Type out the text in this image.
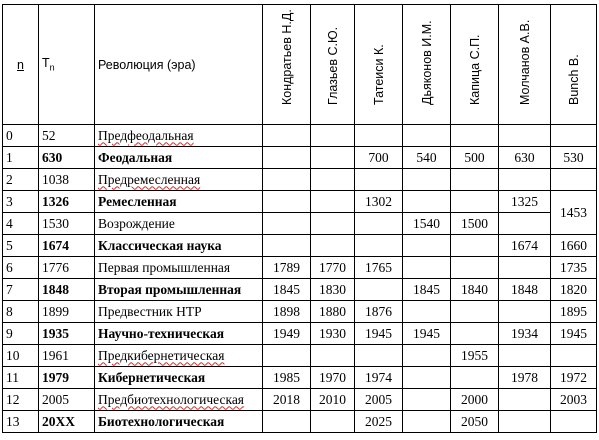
n	$T_n$	Революция (эра)	Кондратьев Н.Д.	Глазьев С.Ю.	Татеиси К.	Дьяконов И.М.	Капица С.П.	Молчанов А.В.	Bunch B.

0	52	Предфеодальная							
1	630	Феодальная			700	540	500	630	530
2	1038	Предремесленная							
3	1326	Ремесленная			1302			1325	1453
4	1530	Возрождение				1540	1500		
5	1674	Классическая наука						1674	1660
6	1776	Первая промышленная	1789	1770	1765				1735
7	1848	Вторая промышленная	1845	1830		1845	1840	1848	1820
8	1899	Предвестник НТР	1898	1880	1876				1895
9	1935	Научно-техническая	1949	1930	1945	1945		1934	1945
10	1961	Предкибернетическая					1955		
11	1979	Кибернетическая	1985	1970	1974			1978	1972
12	2005	Предбиотехнологическая	2018	2010	2005		2000		2003
13	20XX	Биотехнологическая			2025		2050		
